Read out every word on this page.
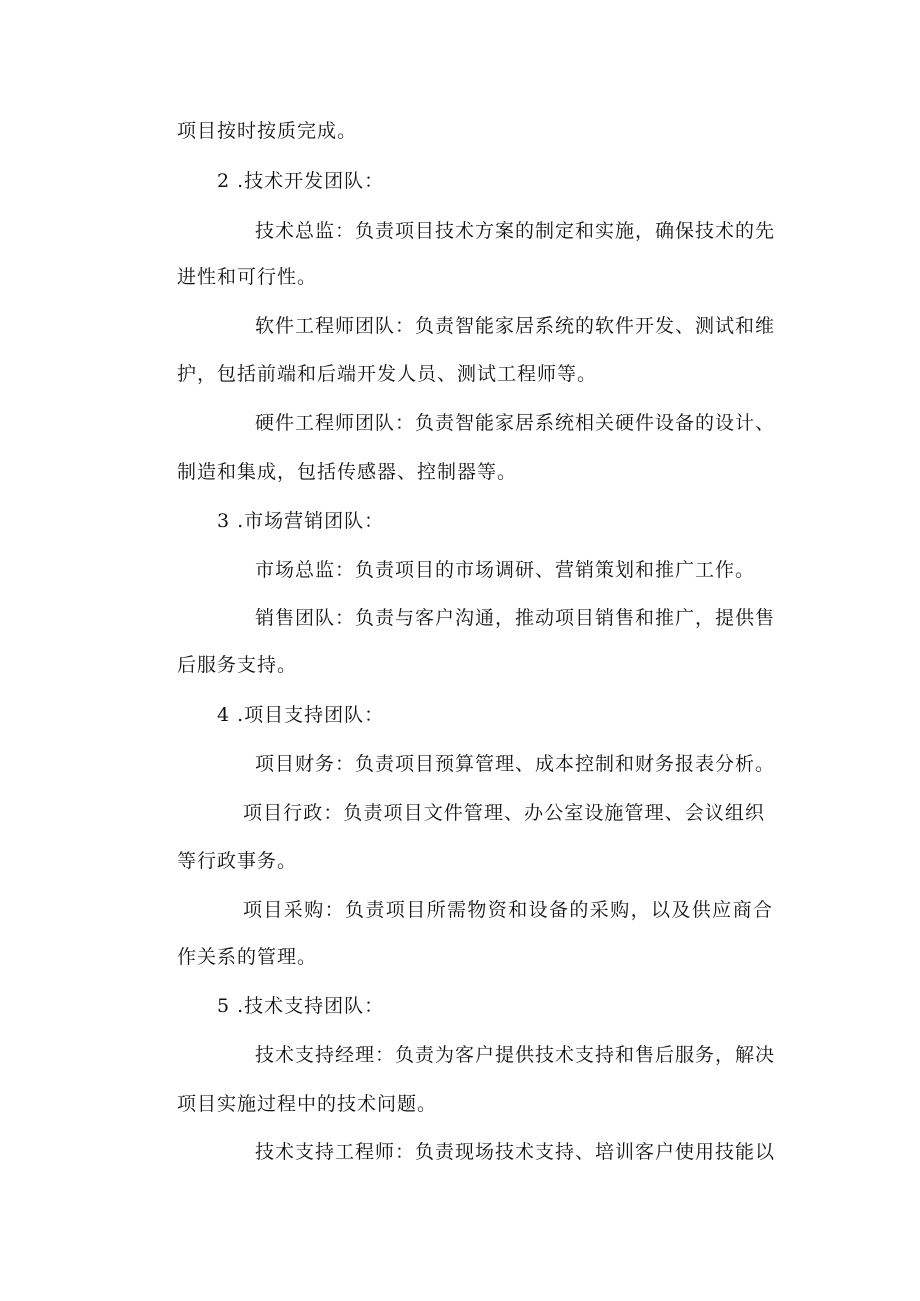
项目按时按质完成。
2 .技术开发团队：
技术总监：负责项目技术方案的制定和实施，确保技术的先
进性和可行性。
软件工程师团队：负责智能家居系统的软件开发、测试和维
护，包括前端和后端开发人员、测试工程师等。
硬件工程师团队：负责智能家居系统相关硬件设备的设计、
制造和集成，包括传感器、控制器等。
3 .市场营销团队：
市场总监：负责项目的市场调研、营销策划和推广工作。
销售团队：负责与客户沟通，推动项目销售和推广，提供售
后服务支持。
4 .项目支持团队：
项目财务：负责项目预算管理、成本控制和财务报表分析。
项目行政：负责项目文件管理、办公室设施管理、会议组织
等行政事务。
项目采购：负责项目所需物资和设备的采购，以及供应商合
作关系的管理。
5 .技术支持团队：
技术支持经理：负责为客户提供技术支持和售后服务，解决
项目实施过程中的技术问题。
技术支持工程师：负责现场技术支持、培训客户使用技能以
